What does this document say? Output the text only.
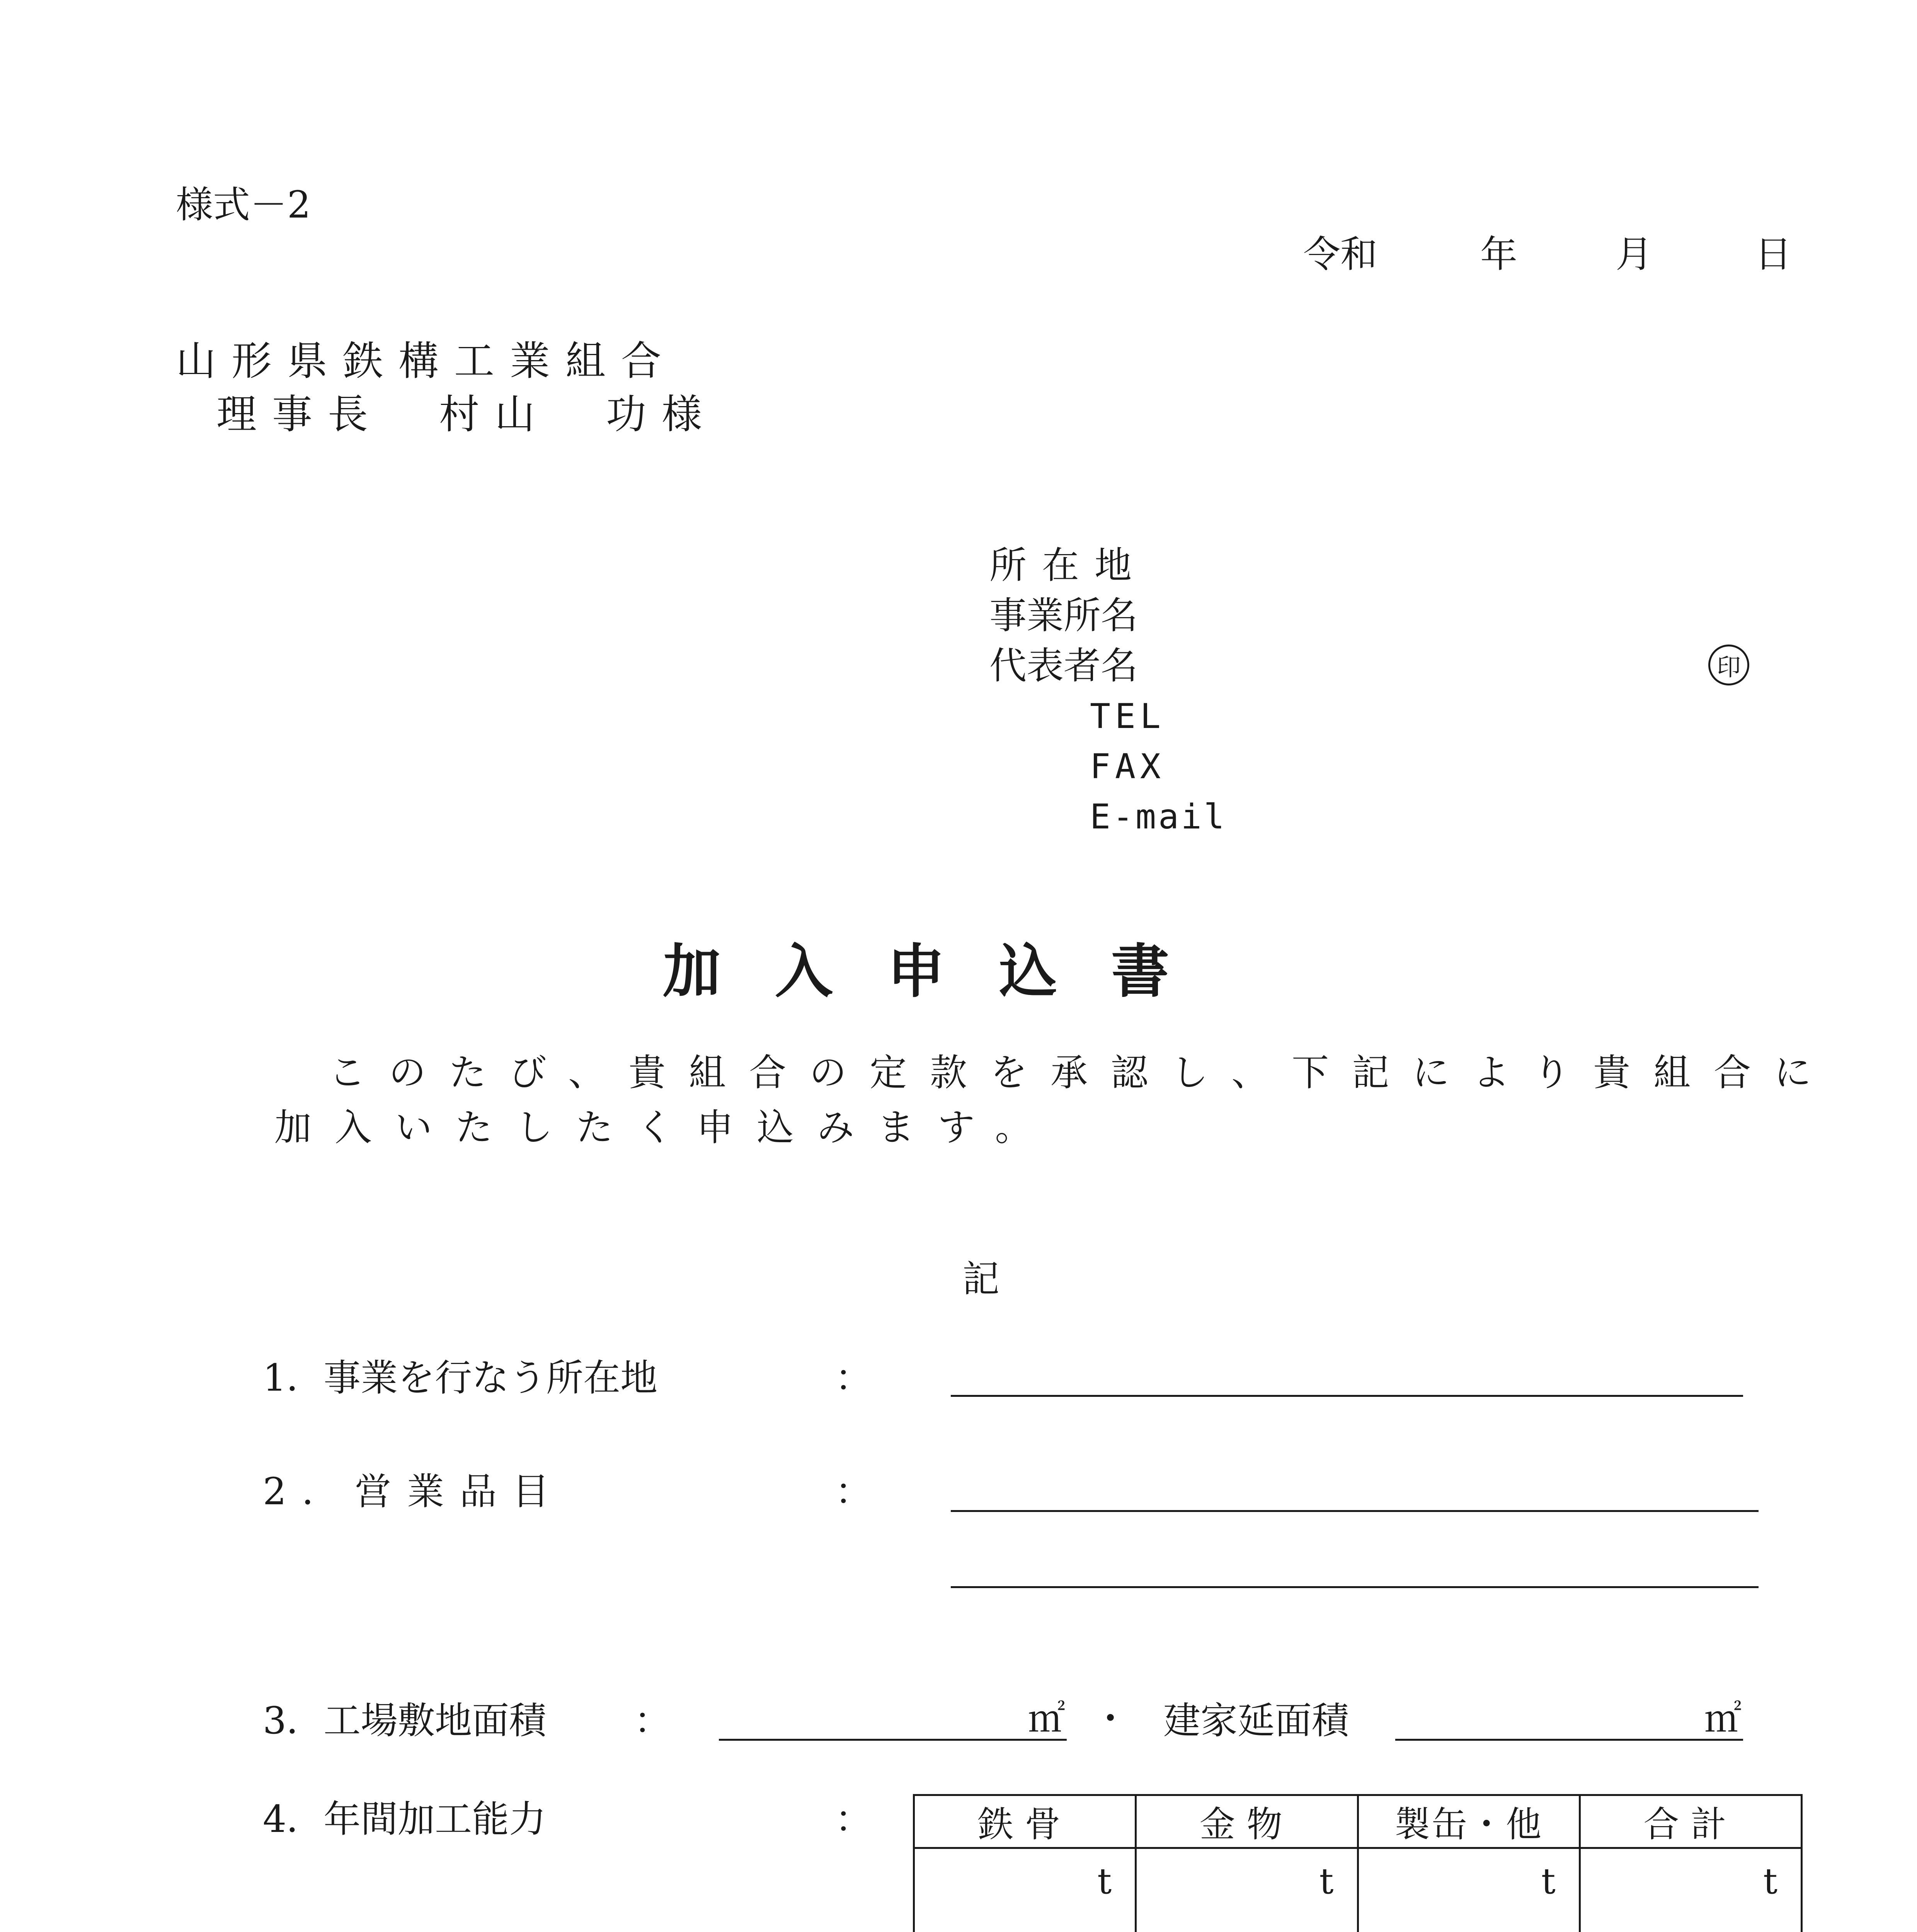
様式－2
令和	年	月	日
山形県鉄構工業組合
理事長　村山　功様
所在地
事業所名
代表者名	印
TEL
FAX
E-mail
加入申込書
このたび、貴組合の定款を承認し、下記により貴組合に
加入いたしたく申込みます。
記
1．事業を行なう所在地	：
2．営業品目	：
3．工場敷地面積 ：	㎡ ・ 建家延面積	㎡
4．年間加工能力	：	鉄骨	金物	製缶・他	合計
t	t	t	t
